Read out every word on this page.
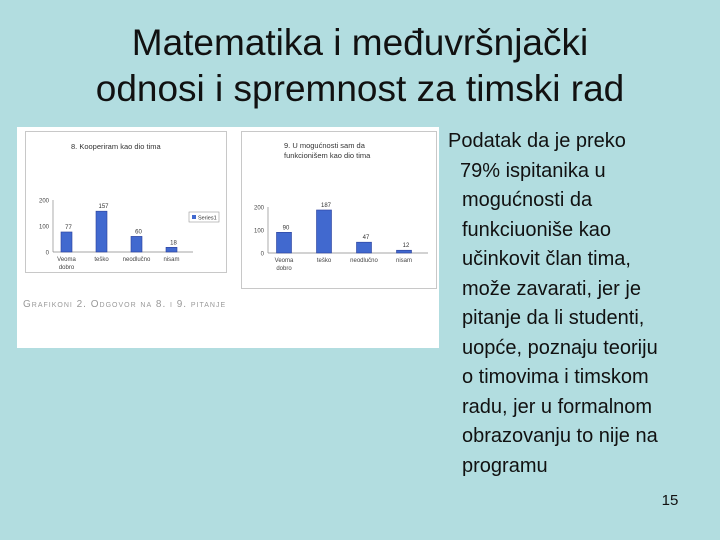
Matematika i međuvršnjački
odnosi i spremnost za timski rad
8. Kooperiram kao dio tima
0
100
200
77
Veoma
dobro
157
teško
60
neodlučno
18
nisam
Series1
9. U mogućnosti sam da
funkcionišem kao dio tima
0
100
200
90
Veoma
dobro
187
teško
47
neodlučno
12
nisam
Grafikoni 2. Odgovor na 8. i 9. pitanje
Podatak da je preko
79% ispitanika u
mogućnosti da
funkciuoniše kao
učinkovit član tima,
može zavarati, jer je
pitanje da li studenti,
uopće, poznaju teoriju
o timovima i timskom
radu, jer u formalnom
obrazovanju to nije na
programu
15
